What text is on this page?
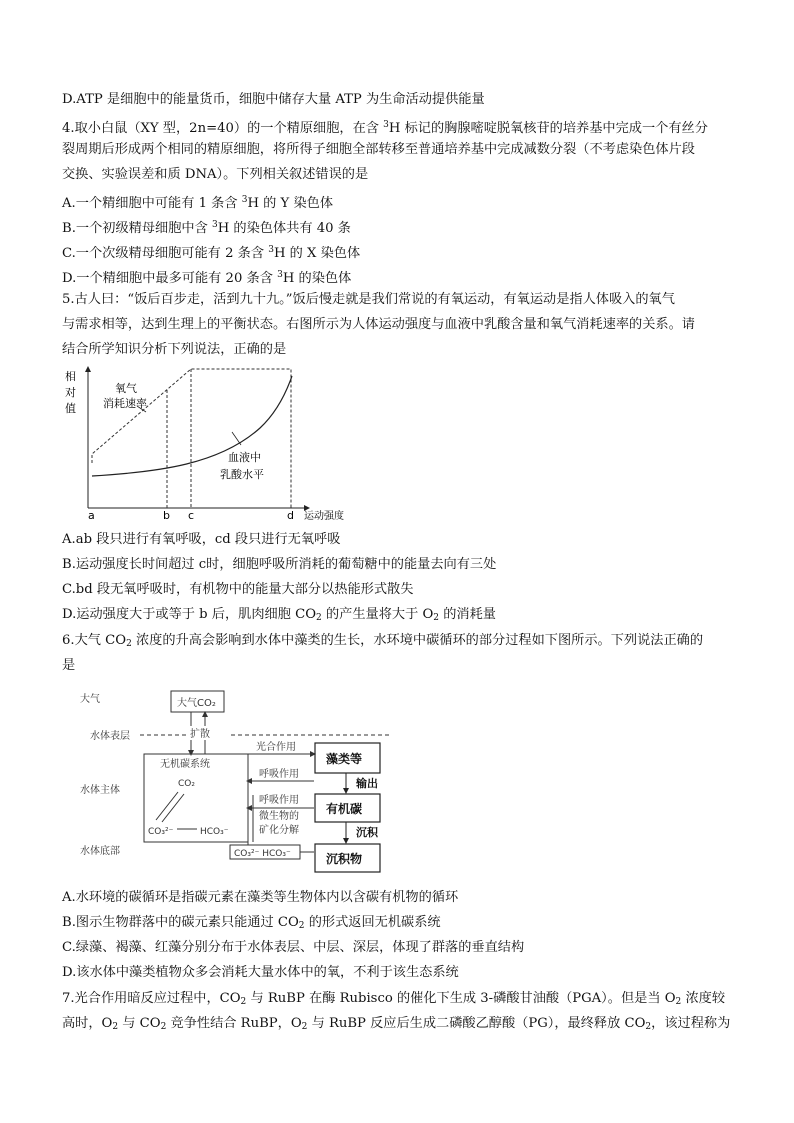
D.ATP 是细胞中的能量货币，细胞中储存大量 ATP 为生命活动提供能量
4.取小白鼠（XY 型，2n=40）的一个精原细胞，在含 $^3$H 标记的胸腺嘧啶脱氧核苷的培养基中完成一个有丝分
裂周期后形成两个相同的精原细胞，将所得子细胞全部转移至普通培养基中完成减数分裂（不考虑染色体片段
交换、实验误差和质 DNA）。下列相关叙述错误的是
A.一个精细胞中可能有 1 条含 $^3$H 的 Y 染色体
B.一个初级精母细胞中含 $^3$H 的染色体共有 40 条
C.一个次级精母细胞可能有 2 条含 $^3$H 的 X 染色体
D.一个精细胞中最多可能有 20 条含 $^3$H 的染色体
5.古人曰：“饭后百步走，活到九十九。”饭后慢走就是我们常说的有氧运动，有氧运动是指人体吸入的氧气
与需求相等，达到生理上的平衡状态。右图所示为人体运动强度与血液中乳酸含量和氧气消耗速率的关系。请
结合所学知识分析下列说法，正确的是
相
对
值
氧气
消耗速率
血液中
乳酸水平
a	b c	d 运动强度
A.ab 段只进行有氧呼吸，cd 段只进行无氧呼吸
B.运动强度长时间超过 c时，细胞呼吸所消耗的葡萄糖中的能量去向有三处
C.bd 段无氧呼吸时，有机物中的能量大部分以热能形式散失
D.运动强度大于或等于 b 后，肌肉细胞 $CO_2$ 的产生量将大于 $O_2$ 的消耗量
6.大气 $CO_2$ 浓度的升高会影响到水体中藻类的生长，水环境中碳循环的部分过程如下图所示。下列说法正确的
是
大气
水体表层
水体主体
水体底部
大气CO₂
扩散
无机碳系统
CO₂
CO₃²⁻	HCO₃⁻
光合作用
呼吸作用
呼吸作用
微生物的
矿化分解
CO₃²⁻ HCO₃⁻
藻类等
输出
有机碳
沉积
沉积物
A.水环境的碳循环是指碳元素在藻类等生物体内以含碳有机物的循环
B.图示生物群落中的碳元素只能通过 $CO_2$ 的形式返回无机碳系统
C.绿藻、褐藻、红藻分别分布于水体表层、中层、深层，体现了群落的垂直结构
D.该水体中藻类植物众多会消耗大量水体中的氧，不利于该生态系统
7.光合作用暗反应过程中，$CO_2$ 与 RuBP 在酶 Rubisco 的催化下生成 3-磷酸甘油酸（PGA）。但是当 $O_2$ 浓度较
高时，$O_2$ 与 $CO_2$ 竞争性结合 RuBP，$O_2$ 与 RuBP 反应后生成二磷酸乙醇酸（PG），最终释放 $CO_2$，该过程称为
